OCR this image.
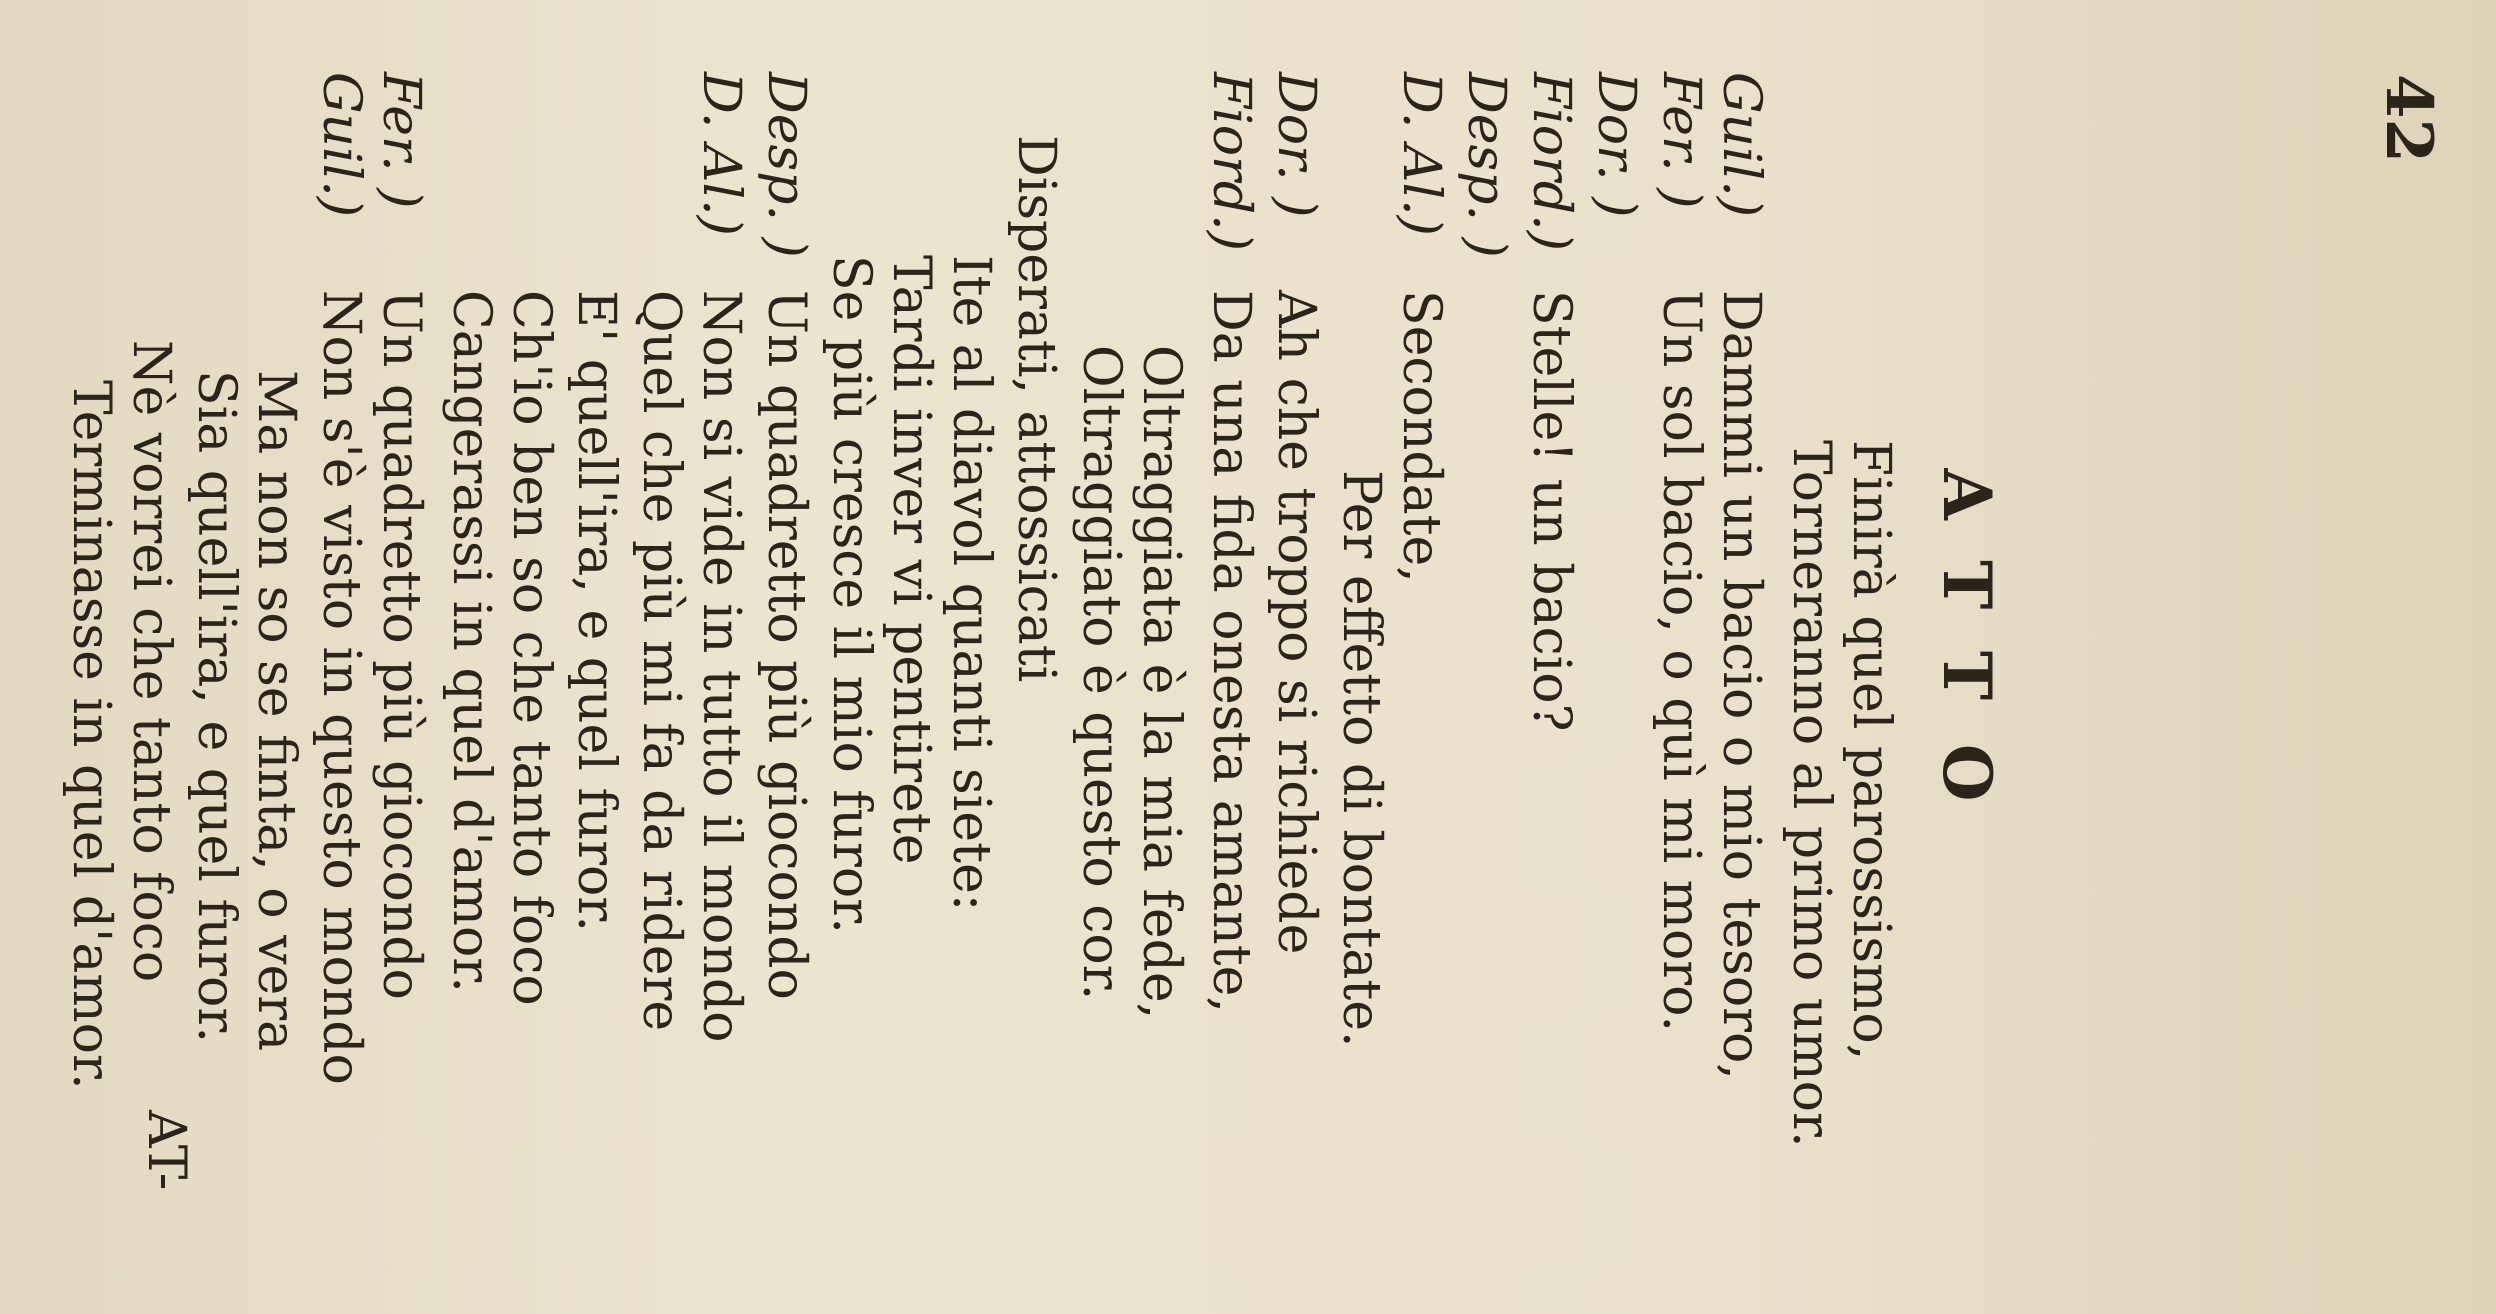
42
ATTO
Finirà quel parossismo,
Torneranno al primo umor.
Guil.)
Dammi un bacio o mio tesoro,
Fer. )
Un sol bacio, o quì mi moro.
Dor. )
Fiord.)
Stelle! un bacio?
Desp. )
D. Al.)
Secondate,
Per effetto di bontate.
Dor. )
Ah che troppo si richiede
Fiord.)
Da una fida onesta amante,
Oltraggiata è la mia fede,
Oltraggiato è questo cor.
Disperati, attossicati
Ite al diavol quanti siete:
Tardi inver vi pentirete
Se più cresce il mio furor.
Desp. )
Un quadretto più giocondo
D. Al.)
Non si vide in tutto il mondo
Quel che più mi fa da ridere
E' quell'ira, e quel furor.
Ch'io ben so che tanto foco
Cangerassi in quel d'amor.
Fer. )
Un quadretto più giocondo
Guil.)
Non s'è visto in questo mondo
Ma non so se finta, o vera
Sia quell'ira, e quel furor.
Nè vorrei che tanto foco
Terminasse in quel d'amor.
AT-
